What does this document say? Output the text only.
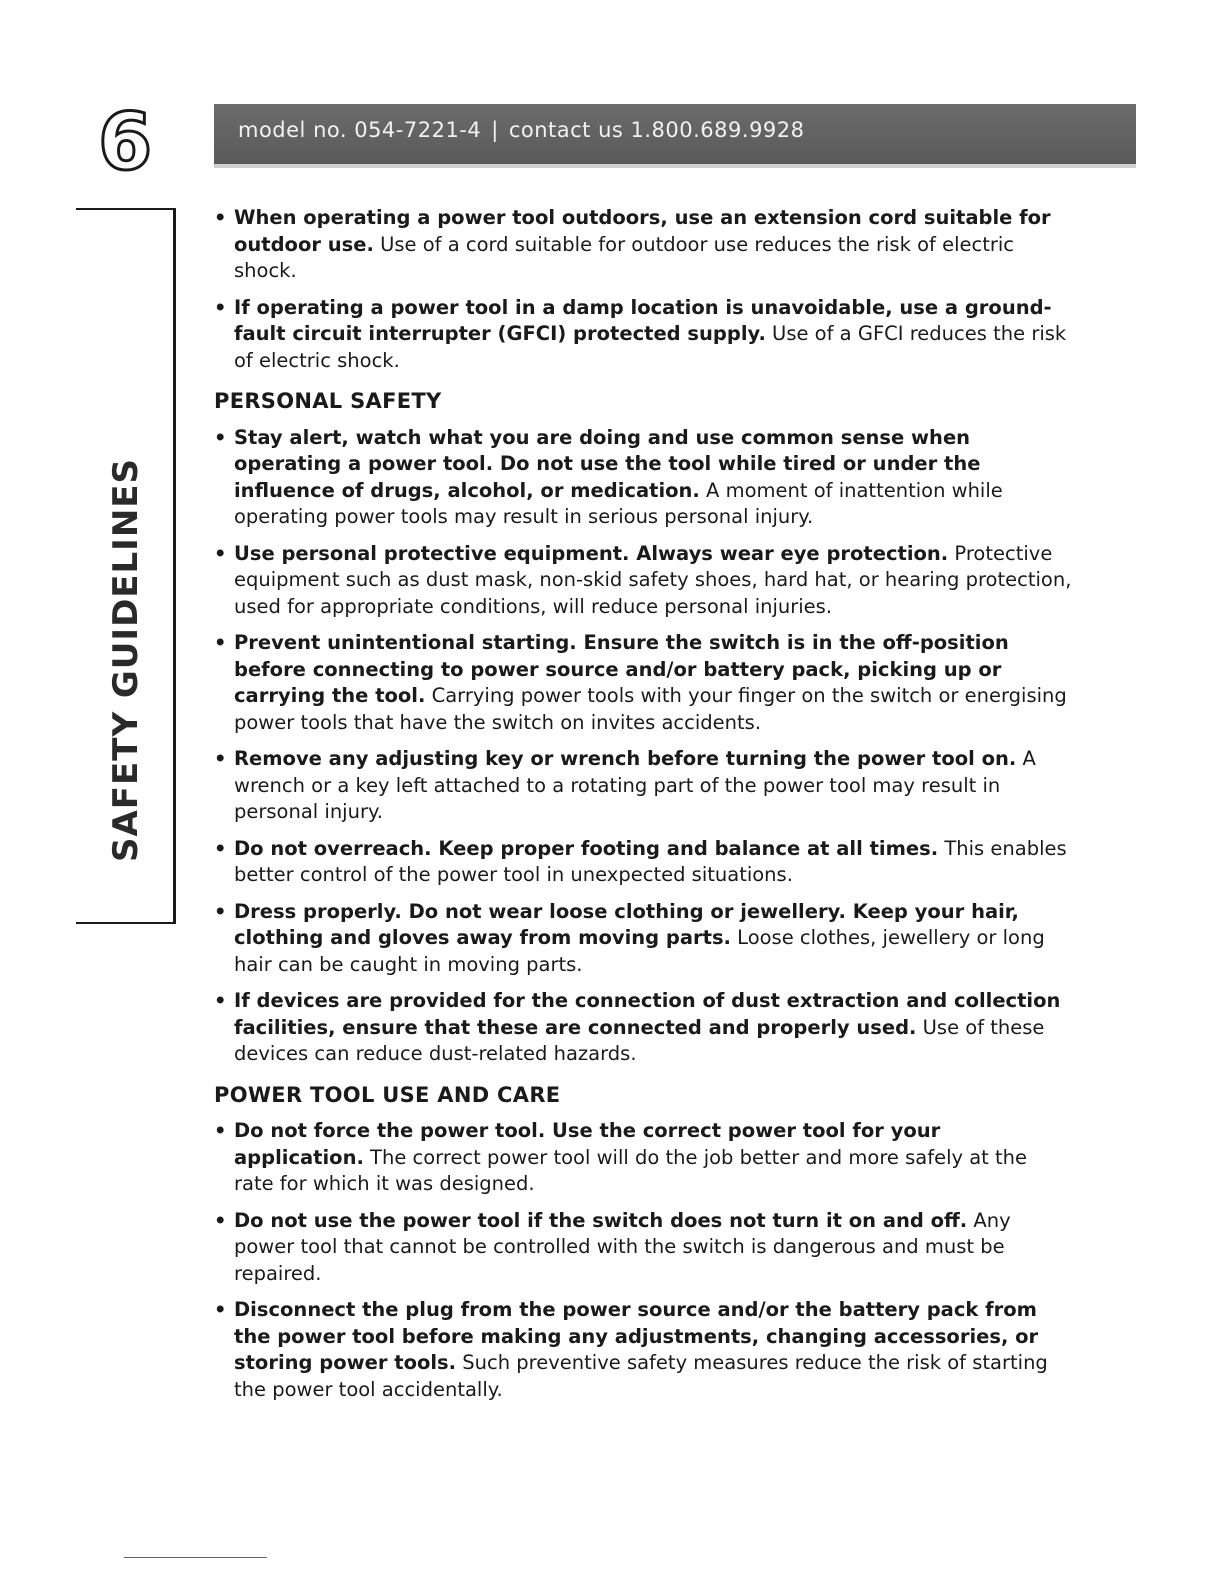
6	model no. 054-7221-4 | contact us 1.800.689.9928
SAFETY GUIDELINES
• When operating a power tool outdoors, use an extension cord suitable for outdoor use. Use of a cord suitable for outdoor use reduces the risk of electric shock.
• If operating a power tool in a damp location is unavoidable, use a ground-fault circuit interrupter (GFCI) protected supply. Use of a GFCI reduces the risk of electric shock.
PERSONAL SAFETY
• Stay alert, watch what you are doing and use common sense when operating a power tool. Do not use the tool while tired or under the influence of drugs, alcohol, or medication. A moment of inattention while operating power tools may result in serious personal injury.
• Use personal protective equipment. Always wear eye protection. Protective equipment such as dust mask, non-skid safety shoes, hard hat, or hearing protection, used for appropriate conditions, will reduce personal injuries.
• Prevent unintentional starting. Ensure the switch is in the off-position before connecting to power source and/or battery pack, picking up or carrying the tool. Carrying power tools with your finger on the switch or energising power tools that have the switch on invites accidents.
• Remove any adjusting key or wrench before turning the power tool on. A wrench or a key left attached to a rotating part of the power tool may result in personal injury.
• Do not overreach. Keep proper footing and balance at all times. This enables better control of the power tool in unexpected situations.
• Dress properly. Do not wear loose clothing or jewellery. Keep your hair, clothing and gloves away from moving parts. Loose clothes, jewellery or long hair can be caught in moving parts.
• If devices are provided for the connection of dust extraction and collection facilities, ensure that these are connected and properly used. Use of these devices can reduce dust-related hazards.
POWER TOOL USE AND CARE
• Do not force the power tool. Use the correct power tool for your application. The correct power tool will do the job better and more safely at the rate for which it was designed.
• Do not use the power tool if the switch does not turn it on and off. Any power tool that cannot be controlled with the switch is dangerous and must be repaired.
• Disconnect the plug from the power source and/or the battery pack from the power tool before making any adjustments, changing accessories, or storing power tools. Such preventive safety measures reduce the risk of starting the power tool accidentally.
